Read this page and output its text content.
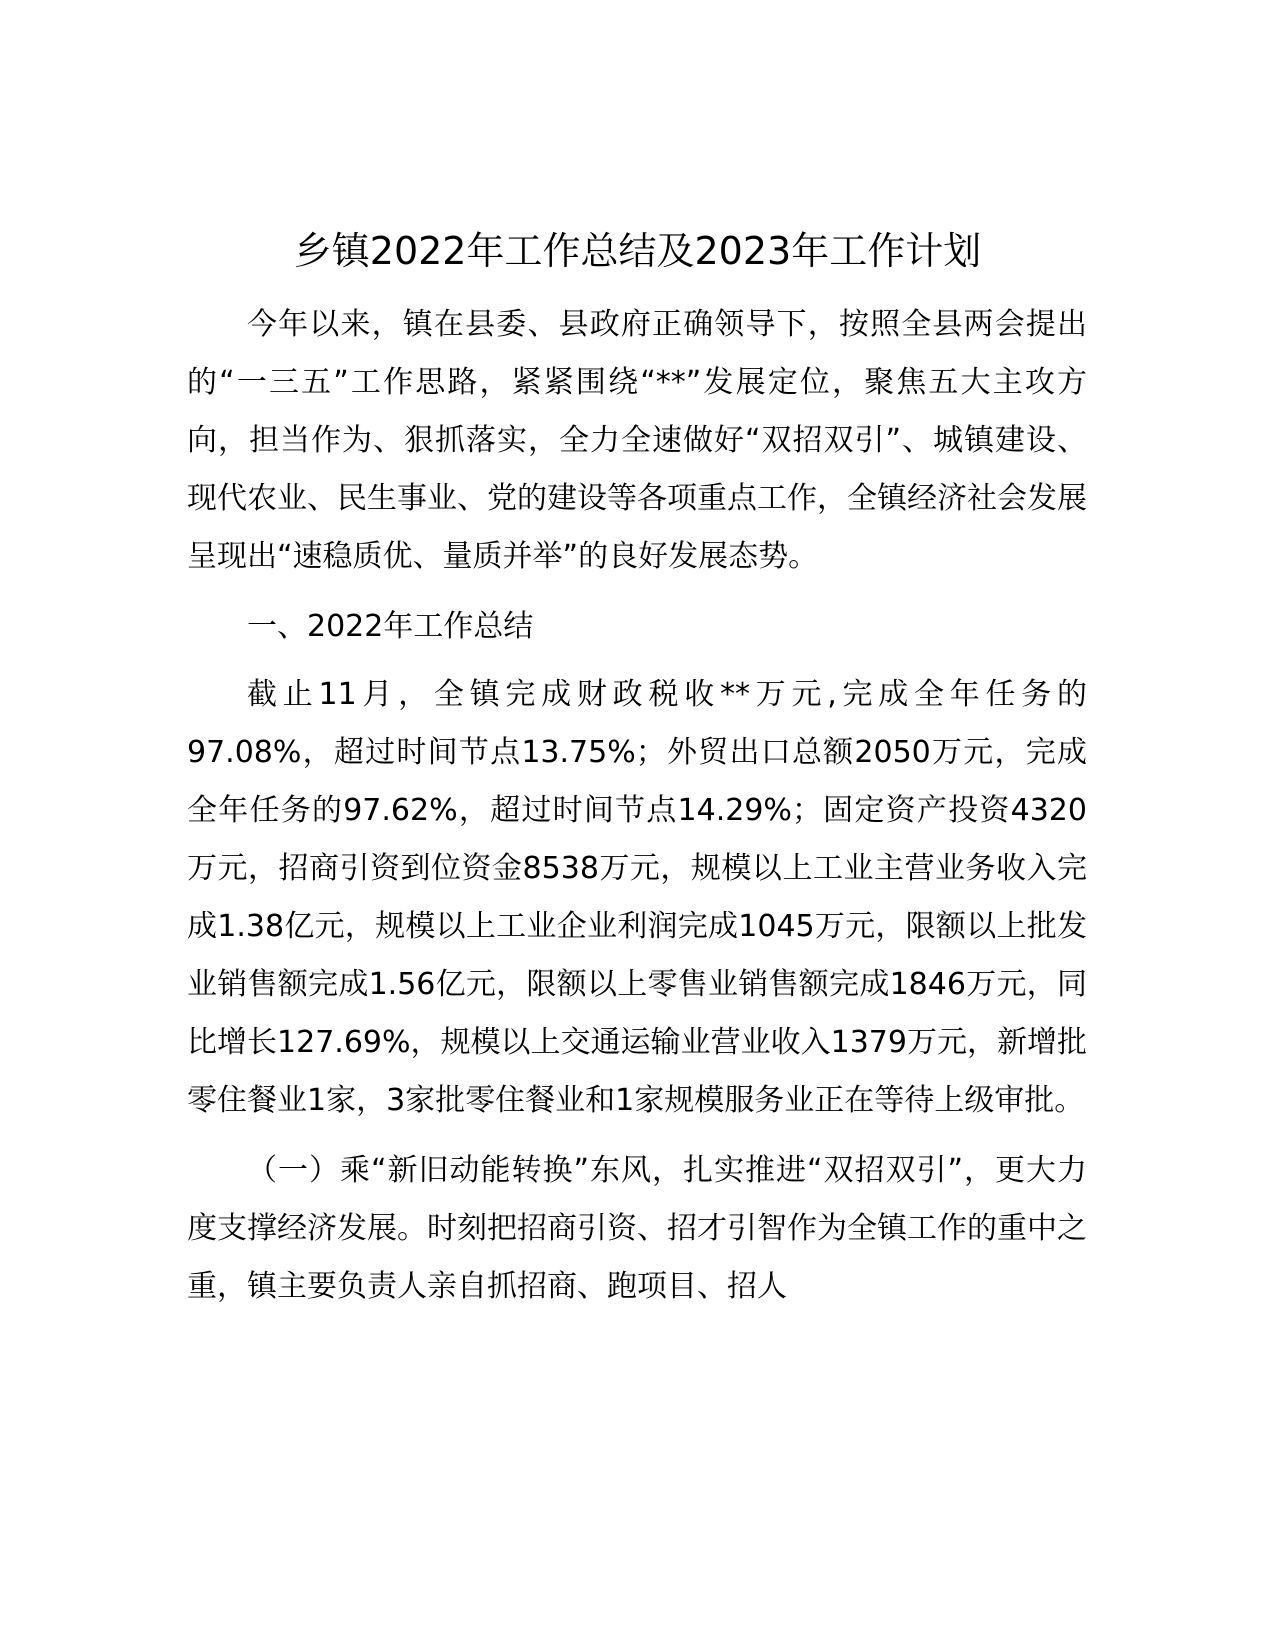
乡镇2022年工作总结及2023年工作计划

今年以来，镇在县委、县政府正确领导下，按照全县两会提出的“一三五”工作思路，紧紧围绕“**”发展定位，聚焦五大主攻方向，担当作为、狠抓落实，全力全速做好“双招双引”、城镇建设、现代农业、民生事业、党的建设等各项重点工作，全镇经济社会发展呈现出“速稳质优、量质并举”的良好发展态势。

一、2022年工作总结

截止11月，全镇完成财政税收**万元,完成全年任务的97.08%，超过时间节点13.75%；外贸出口总额2050万元，完成全年任务的97.62%，超过时间节点14.29%；固定资产投资4320万元，招商引资到位资金8538万元，规模以上工业主营业务收入完成1.38亿元，规模以上工业企业利润完成1045万元，限额以上批发业销售额完成1.56亿元，限额以上零售业销售额完成1846万元，同比增长127.69%，规模以上交通运输业营业收入1379万元，新增批零住餐业1家，3家批零住餐业和1家规模服务业正在等待上级审批。

（一）乘“新旧动能转换”东风，扎实推进“双招双引”，更大力度支撑经济发展。时刻把招商引资、招才引智作为全镇工作的重中之重，镇主要负责人亲自抓招商、跑项目、招人
